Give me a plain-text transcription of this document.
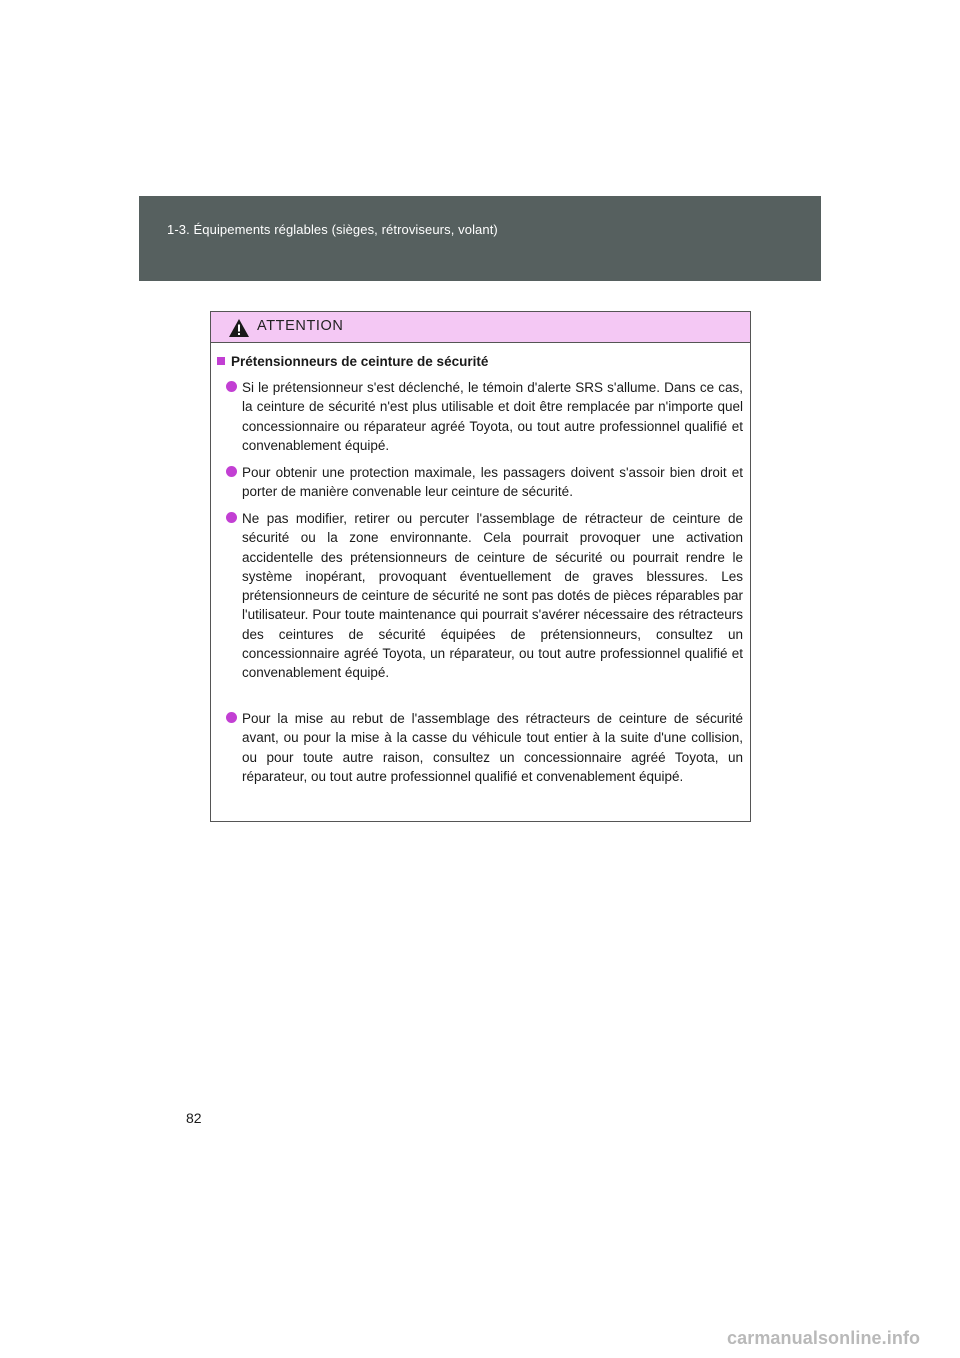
1-3. Équipements réglables (sièges, rétroviseurs, volant)
ATTENTION
Prétensionneurs de ceinture de sécurité
Si le prétensionneur s'est déclenché, le témoin d'alerte SRS s'allume. Dans ce cas, la ceinture de sécurité n'est plus utilisable et doit être remplacée par n'importe quel concessionnaire ou réparateur agréé Toyota, ou tout autre professionnel qualifié et convenablement équipé.
Pour obtenir une protection maximale, les passagers doivent s'assoir bien droit et porter de manière convenable leur ceinture de sécurité.
Ne pas modifier, retirer ou percuter l'assemblage de rétracteur de ceinture de sécurité ou la zone environnante. Cela pourrait provoquer une activation accidentelle des prétensionneurs de ceinture de sécurité ou pourrait rendre le système inopérant, provoquant éventuellement de graves blessures. Les prétensionneurs de ceinture de sécurité ne sont pas dotés de pièces réparables par l'utilisateur. Pour toute maintenance qui pourrait s'avérer nécessaire des rétracteurs des ceintures de sécurité équipées de prétensionneurs, consultez un concessionnaire agréé Toyota, un réparateur, ou tout autre professionnel qualifié et convenablement équipé.
Pour la mise au rebut de l'assemblage des rétracteurs de ceinture de sécurité avant, ou pour la mise à la casse du véhicule tout entier à la suite d'une collision, ou pour toute autre raison, consultez un concessionnaire agréé Toyota, un réparateur, ou tout autre professionnel qualifié et convenablement équipé.
82
carmanualsonline.info
